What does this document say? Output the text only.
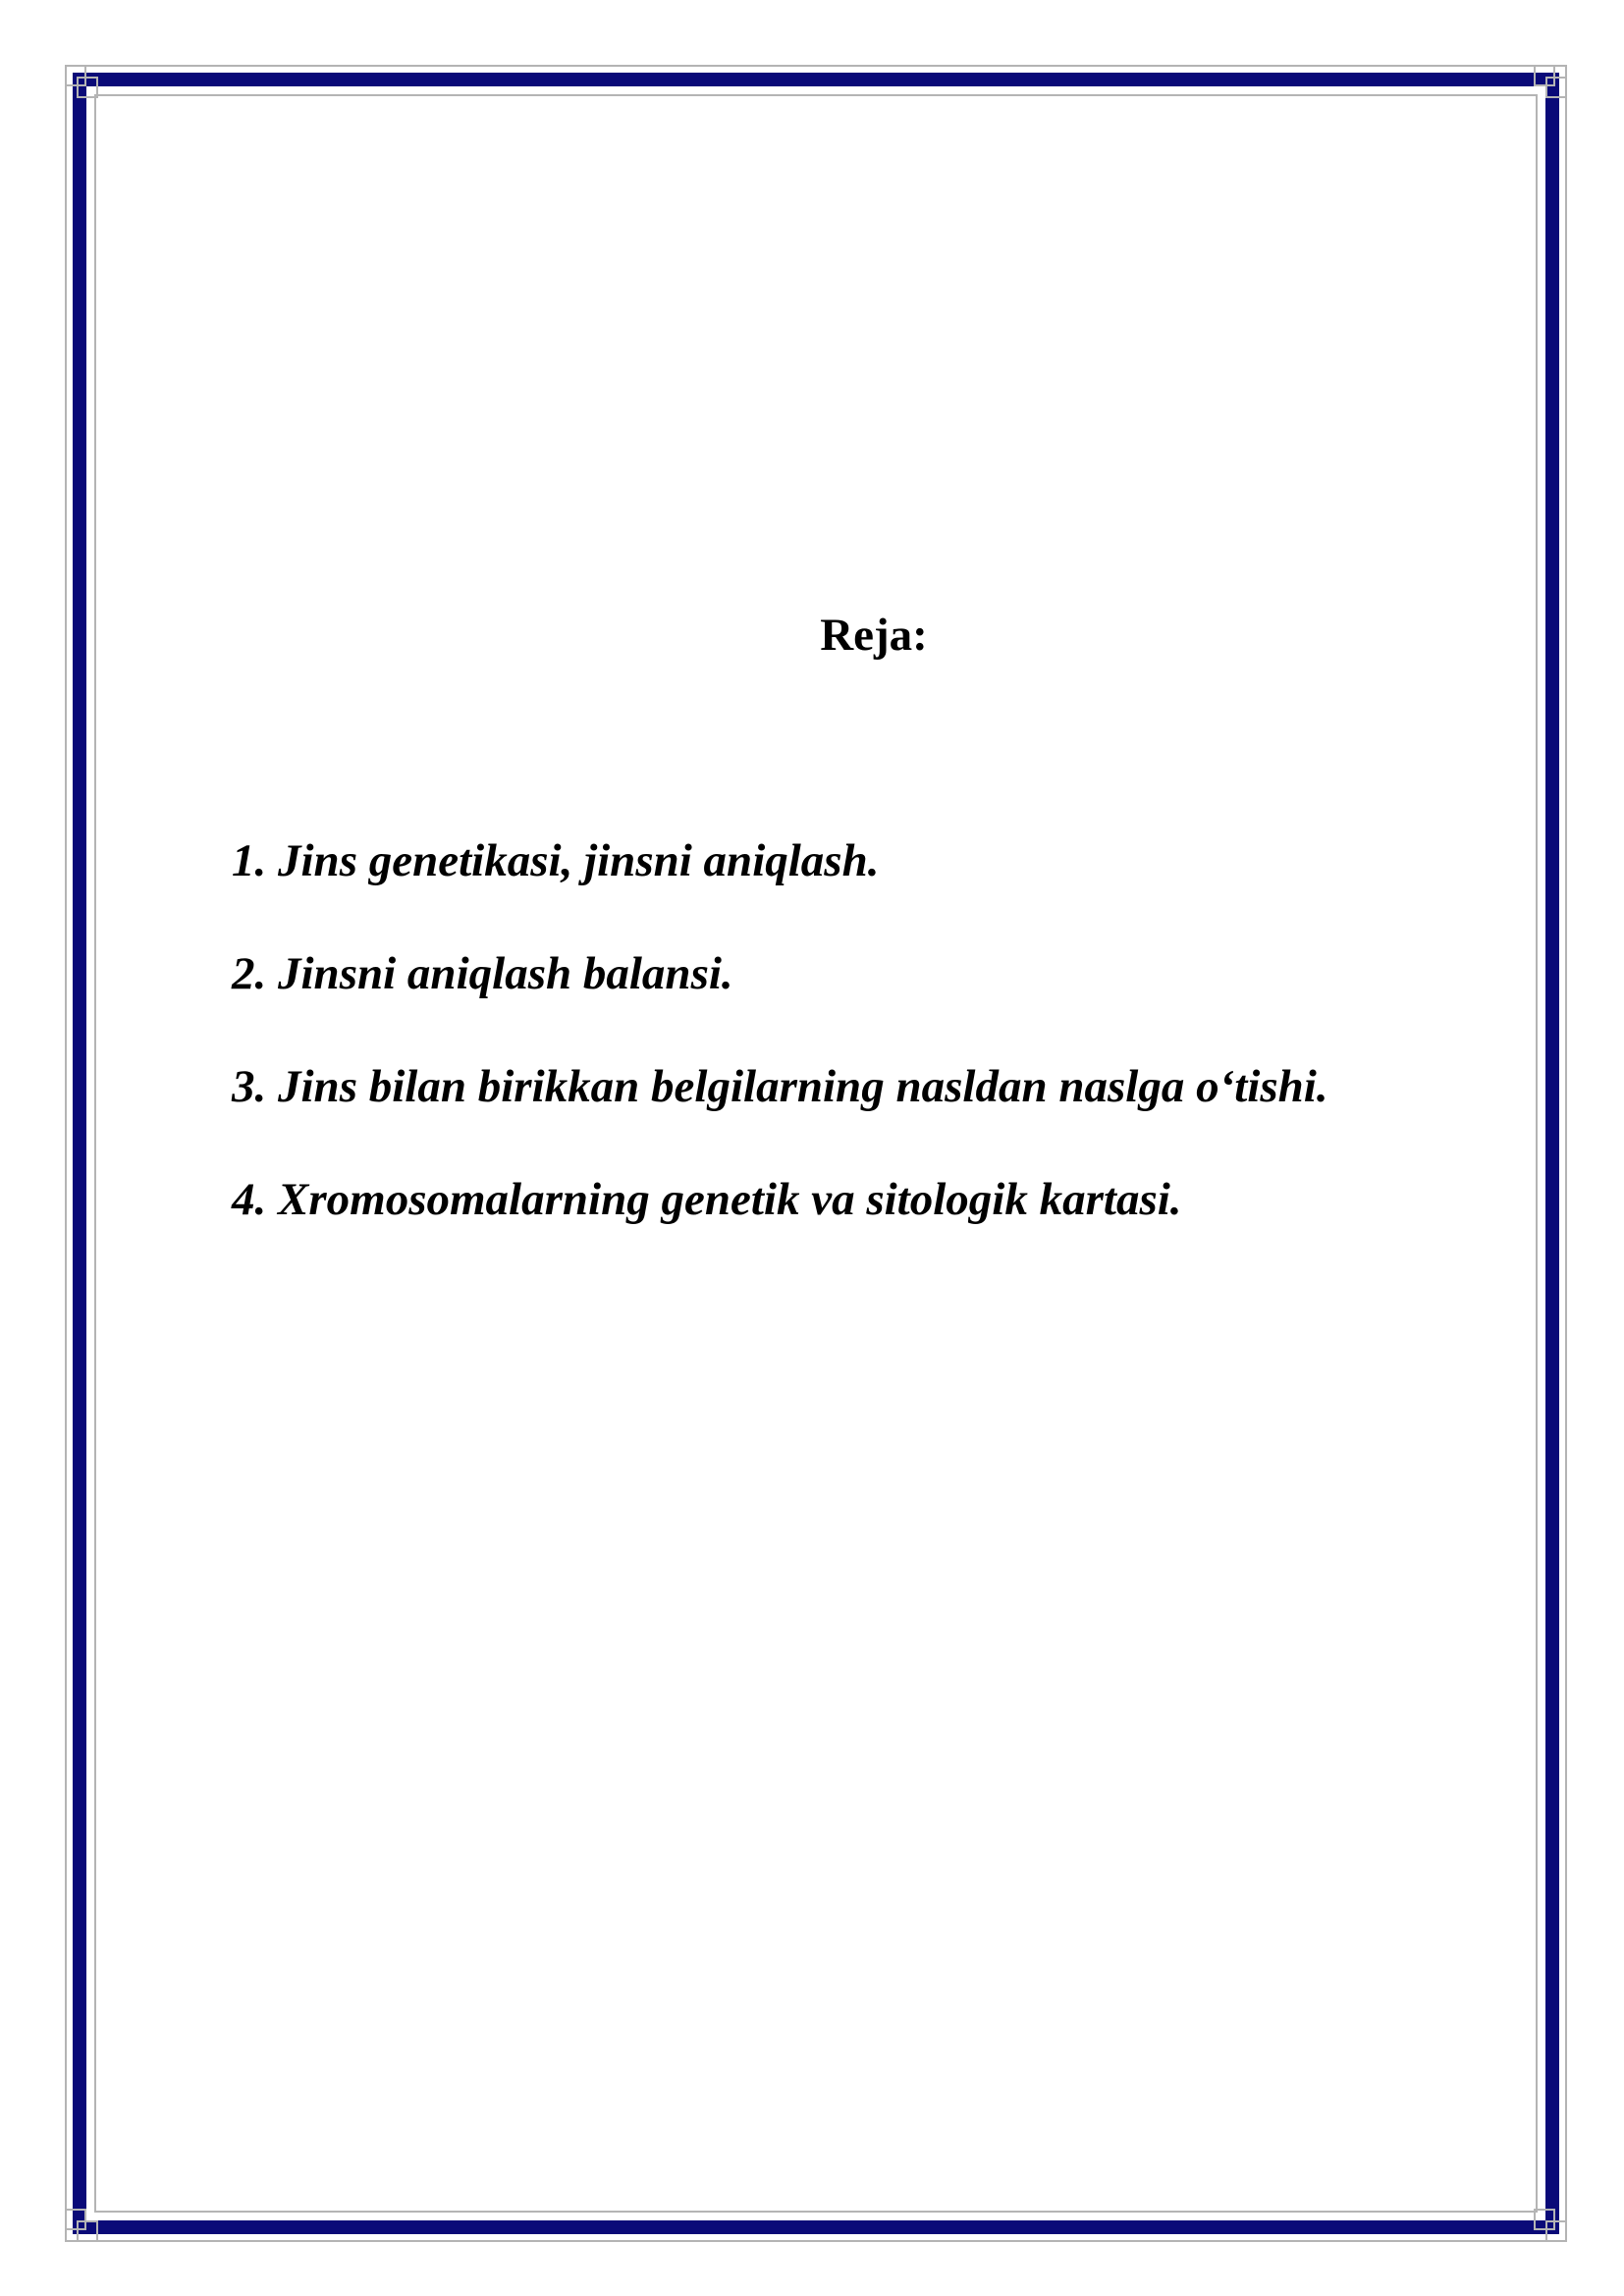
Reja:
1. Jins genetikasi, jinsni aniqlash.
2. Jinsni aniqlash balansi.
3. Jins bilan birikkan belgilarning nasldan naslga o‘tishi.
4. Xromosomalarning genetik va sitologik kartasi.
